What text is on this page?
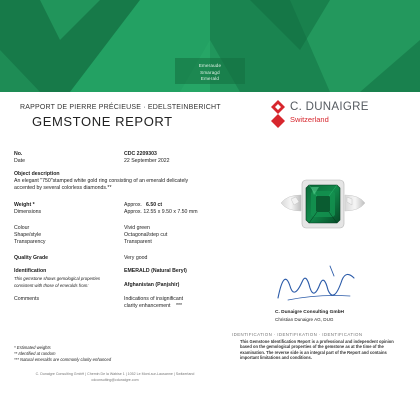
Emeraude
Smaragd
Emerald
RAPPORT DE PIERRE PRÉCIEUSE · EDELSTEINBERICHT
GEMSTONE REPORT
C. DUNAIGRE
Switzerland
No.	CDC 2209303
Date	22 September 2022
Object description
An elegant "750"stamped white gold ring consisting of an emerald delicately
accented by several colorless diamonds.**
Weight *	Approx. 6.50 ct
Dimensions	Approx. 12.55 x 9.50 x 7.50 mm
Colour	Vivid green
Shape/style	Octagonal/step cut
Transparency	Transparent
Quality Grade	Very good
Identification	EMERALD (Natural Beryl)
This gemstone shows gemological properties
consistent with those of emeralds from:	Afghanistan (Panjshir)
Comments	Indications of insignificant
clarity enhancement ***
* Estimated weights
** Identified at random
*** Natural emeralds are commonly clarity enhanced
C. Dunaigre Consulting GmbH
Christian Dunaigre AG, DUG
IDENTIFICATION · IDENTIFIKATION · IDENTIFICATION
This Gemstone Identification Report is a professional and independent opinion
based on the gemological properties of the gemstone as at the time of the
examination. The reverse side is an integral part of the Report and contains
important limitations and conditions.
C. Dunaigre Consulting GmbH | Chemin De la Wabise 1 | 1052 Le Mont-sur-Lausanne | Switzerland
cdconsulting@cdunaigre.com
